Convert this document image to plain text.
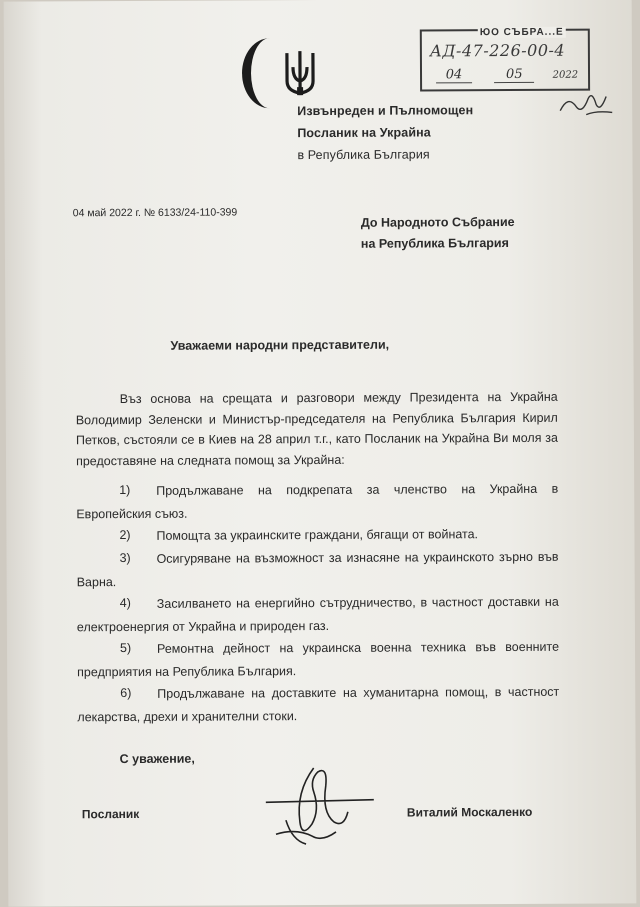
Извънреден и Пълномощен
Посланик на Украйна
в Република България
ЮО СЪБРА...Е
АД-47-226-00-4
04	05	2022
04 май 2022 г. № 6133/24-110-399
До Народното Събрание
на Република България
Уважаеми народни представители,

Въз основа на срещата и разговори между Президента на Украйна Володимир Зеленски и Министър-председателя на Република България Кирил Петков, състояли се в Киев на 28 април т.г., като Посланик на Украйна Ви моля за предоставяне на следната помощ за Украйна:

1)	Продължаване на подкрепата за членство на Украйна в Европейския съюз.

2)	Помощта за украинските граждани, бягащи от войната.

3)	Осигуряване на възможност за изнасяне на украинското зърно във Варна.

4)	Засилването на енергийно сътрудничество, в частност доставки на електроенергия от Украйна и природен газ.

5)	Ремонтна дейност на украинска военна техника във военните предприятия на Република България.

6)	Продължаване на доставките на хуманитарна помощ, в частност лекарства, дрехи и хранителни стоки.

С уважение,
Посланик	Виталий Москаленко
